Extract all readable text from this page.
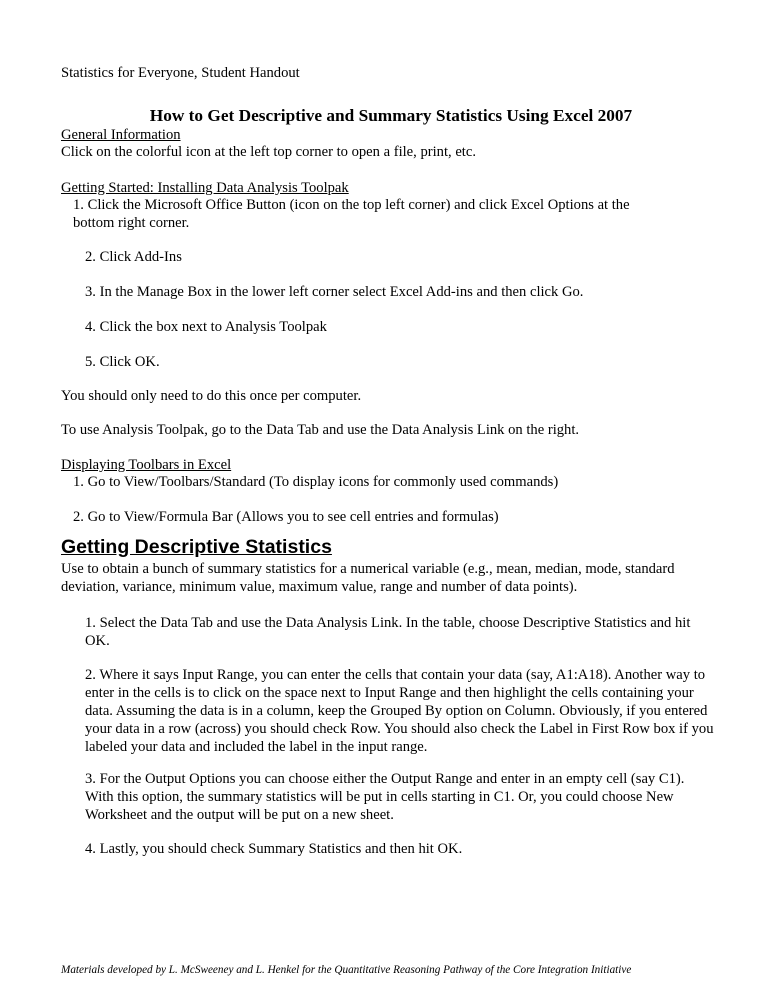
Statistics for Everyone, Student Handout

How to Get Descriptive and Summary Statistics Using Excel 2007

General Information

Click on the colorful icon at the left top corner to open a file, print, etc.

Getting Started: Installing Data Analysis Toolpak

1. Click the Microsoft Office Button (icon on the top left corner) and click Excel Options at the bottom right corner.

2. Click Add-Ins

3. In the Manage Box in the lower left corner select Excel Add-ins and then click Go.

4. Click the box next to Analysis Toolpak

5. Click OK.

You should only need to do this once per computer.

To use Analysis Toolpak, go to the Data Tab and use the Data Analysis Link on the right.

Displaying Toolbars in Excel

1. Go to View/Toolbars/Standard (To display icons for commonly used commands)

2. Go to View/Formula Bar (Allows you to see cell entries and formulas)

Getting Descriptive Statistics

Use to obtain a bunch of summary statistics for a numerical variable (e.g., mean, median, mode, standard deviation, variance, minimum value, maximum value, range and number of data points).

1. Select the Data Tab and use the Data Analysis Link. In the table, choose Descriptive Statistics and hit OK.

2. Where it says Input Range, you can enter the cells that contain your data (say, A1:A18). Another way to enter in the cells is to click on the space next to Input Range and then highlight the cells containing your data. Assuming the data is in a column, keep the Grouped By option on Column. Obviously, if you entered your data in a row (across) you should check Row. You should also check the Label in First Row box if you labeled your data and included the label in the input range.

3. For the Output Options you can choose either the Output Range and enter in an empty cell (say C1). With this option, the summary statistics will be put in cells starting in C1. Or, you could choose New Worksheet and the output will be put on a new sheet.

4. Lastly, you should check Summary Statistics and then hit OK.

Materials developed by L. McSweeney and L. Henkel for the Quantitative Reasoning Pathway of the Core Integration Initiative
